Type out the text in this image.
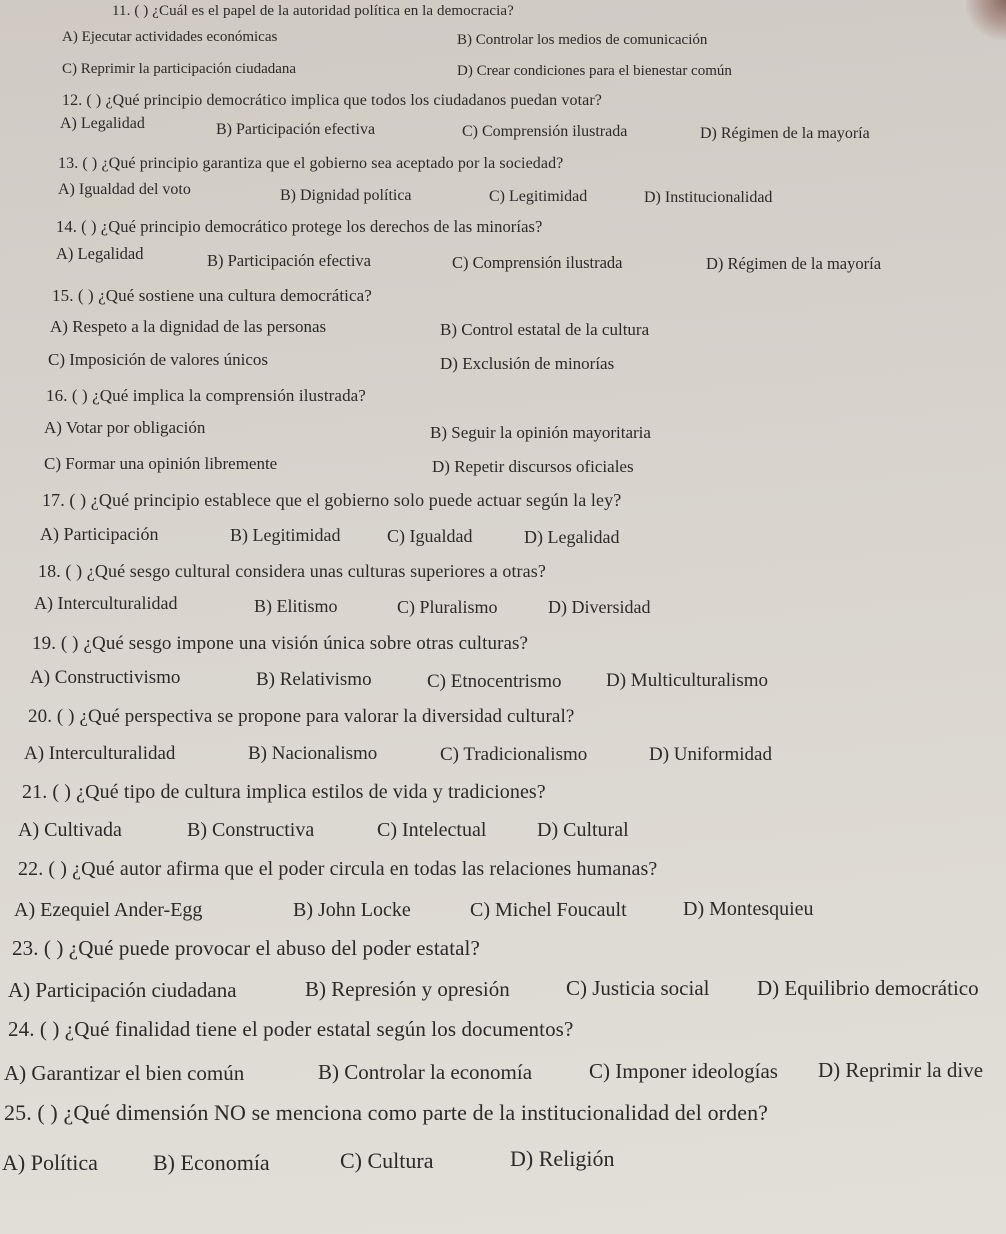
11. ( ) ¿Cuál es el papel de la autoridad política en la democracia?
A) Ejecutar actividades económicas	B) Controlar los medios de comunicación
C) Reprimir la participación ciudadana	D) Crear condiciones para el bienestar común
12. ( ) ¿Qué principio democrático implica que todos los ciudadanos puedan votar?
A) Legalidad	B) Participación efectiva	C) Comprensión ilustrada	D) Régimen de la mayoría
13. ( ) ¿Qué principio garantiza que el gobierno sea aceptado por la sociedad?
A) Igualdad del voto	B) Dignidad política	C) Legitimidad	D) Institucionalidad
14. ( ) ¿Qué principio democrático protege los derechos de las minorías?
A) Legalidad	B) Participación efectiva	C) Comprensión ilustrada	D) Régimen de la mayoría
15. ( ) ¿Qué sostiene una cultura democrática?
A) Respeto a la dignidad de las personas	B) Control estatal de la cultura
C) Imposición de valores únicos	D) Exclusión de minorías
16. ( ) ¿Qué implica la comprensión ilustrada?
A) Votar por obligación	B) Seguir la opinión mayoritaria
C) Formar una opinión libremente	D) Repetir discursos oficiales
17. ( ) ¿Qué principio establece que el gobierno solo puede actuar según la ley?
A) Participación	B) Legitimidad	C) Igualdad	D) Legalidad
18. ( ) ¿Qué sesgo cultural considera unas culturas superiores a otras?
A) Interculturalidad	B) Elitismo	C) Pluralismo	D) Diversidad
19. ( ) ¿Qué sesgo impone una visión única sobre otras culturas?
A) Constructivismo	B) Relativismo	C) Etnocentrismo D) Multiculturalismo
20. ( ) ¿Qué perspectiva se propone para valorar la diversidad cultural?
A) Interculturalidad	B) Nacionalismo	C) Tradicionalismo	D) Uniformidad
21. ( ) ¿Qué tipo de cultura implica estilos de vida y tradiciones?
A) Cultivada	B) Constructiva	C) Intelectual	D) Cultural
22. ( ) ¿Qué autor afirma que el poder circula en todas las relaciones humanas?
A) Ezequiel Ander-Egg	B) John Locke	C) Michel Foucault	D) Montesquieu
23. ( ) ¿Qué puede provocar el abuso del poder estatal?
A) Participación ciudadana	B) Represión y opresión	C) Justicia social D) Equilibrio democrático
24. ( ) ¿Qué finalidad tiene el poder estatal según los documentos?
A) Garantizar el bien común	B) Controlar la economía	C) Imponer ideologías D) Reprimir la dive
25. ( ) ¿Qué dimensión NO se menciona como parte de la institucionalidad del orden?
A) Política	B) Economía	C) Cultura	D) Religión
